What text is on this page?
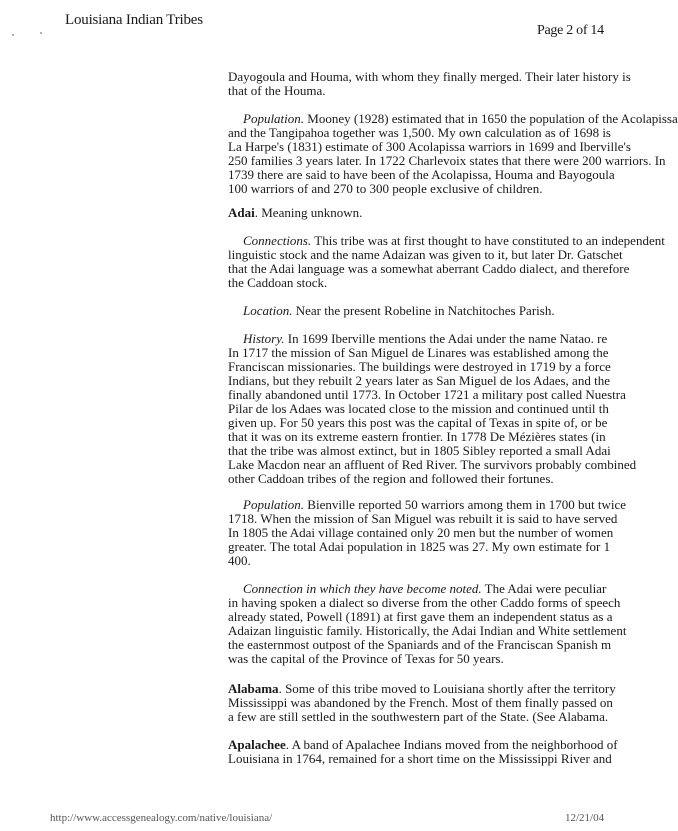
Louisiana Indian Tribes
Page 2 of 14
Dayogoula and Houma, with whom they finally merged. Their later history is
that of the Houma.
Population. Mooney (1928) estimated that in 1650 the population of the Acolapissa
and the Tangipahoa together was 1,500. My own calculation as of 1698 is
La Harpe's (1831) estimate of 300 Acolapissa warriors in 1699 and Iberville's
250 families 3 years later. In 1722 Charlevoix states that there were 200 warriors. In
1739 there are said to have been of the Acolapissa, Houma and Bayogoula
100 warriors of and 270 to 300 people exclusive of children.
Adai. Meaning unknown.
Connections. This tribe was at first thought to have constituted to an independent
linguistic stock and the name Adaizan was given to it, but later Dr. Gatschet
that the Adai language was a somewhat aberrant Caddo dialect, and therefore
the Caddoan stock.
Location. Near the present Robeline in Natchitoches Parish.
History. In 1699 Iberville mentions the Adai under the name Natao. re
In 1717 the mission of San Miguel de Linares was established among the
Franciscan missionaries. The buildings were destroyed in 1719 by a force
Indians, but they rebuilt 2 years later as San Miguel de los Adaes, and the
finally abandoned until 1773. In October 1721 a military post called Nuestra
Pilar de los Adaes was located close to the mission and continued until th
given up. For 50 years this post was the capital of Texas in spite of, or be
that it was on its extreme eastern frontier. In 1778 De Mézières states (in
that the tribe was almost extinct, but in 1805 Sibley reported a small Adai
Lake Macdon near an affluent of Red River. The survivors probably combined
other Caddoan tribes of the region and followed their fortunes.
Population. Bienville reported 50 warriors among them in 1700 but twice
1718. When the mission of San Miguel was rebuilt it is said to have served
In 1805 the Adai village contained only 20 men but the number of women
greater. The total Adai population in 1825 was 27. My own estimate for 1
400.
Connection in which they have become noted. The Adai were peculiar
in having spoken a dialect so diverse from the other Caddo forms of speech
already stated, Powell (1891) at first gave them an independent status as a
Adaizan linguistic family. Historically, the Adai Indian and White settlement
the easternmost outpost of the Spaniards and of the Franciscan Spanish m
was the capital of the Province of Texas for 50 years.
Alabama. Some of this tribe moved to Louisiana shortly after the territory
Mississippi was abandoned by the French. Most of them finally passed on
a few are still settled in the southwestern part of the State. (See Alabama.
Apalachee. A band of Apalachee Indians moved from the neighborhood of
Louisiana in 1764, remained for a short time on the Mississippi River and
http://www.accessgenealogy.com/native/louisiana/	12/21/04
